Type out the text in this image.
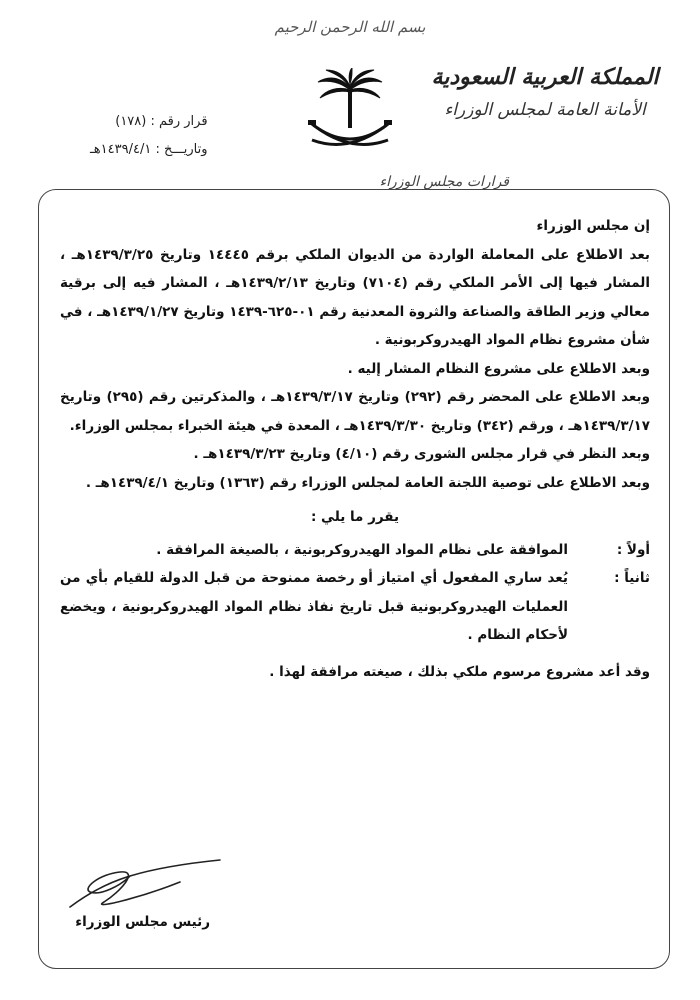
بسم الله الرحمن الرحيم
المملكة العربية السعودية
الأمانة العامة لمجلس الوزراء
قرار رقم : (١٧٨)
وتاريـــخ : ١٤٣٩/٤/١هـ
قرارات مجلس الوزراء

إن مجلس الوزراء

بعد الاطلاع على المعاملة الواردة من الديوان الملكي برقم ١٤٤٤٥ وتاريخ ١٤٣٩/٣/٢٥هـ ، المشار فيها إلى الأمر الملكي رقم (٧١٠٤) وتاريخ ١٤٣٩/٢/١٣هـ ، المشار فيه إلى برقية معالي وزير الطاقة والصناعة والثروة المعدنية رقم ٠١-٦٢٥-١٤٣٩ وتاريخ ١٤٣٩/١/٢٧هـ ، في شأن مشروع نظام المواد الهيدروكربونية .

وبعد الاطلاع على مشروع النظام المشار إليه .

وبعد الاطلاع على المحضر رقم (٢٩٢) وتاريخ ١٤٣٩/٣/١٧هـ ، والمذكرتين رقم (٢٩٥) وتاريخ ١٤٣٩/٣/١٧هـ ، ورقم (٣٤٢) وتاريخ ١٤٣٩/٣/٣٠هـ ، المعدة في هيئة الخبراء بمجلس الوزراء.

وبعد النظر في قرار مجلس الشورى رقم (٤/١٠) وتاريخ ١٤٣٩/٣/٢٣هـ .

وبعد الاطلاع على توصية اللجنة العامة لمجلس الوزراء رقم (١٣٦٣) وتاريخ ١٤٣٩/٤/١هـ .

يقرر ما يلي :

أولاً :
الموافقة على نظام المواد الهيدروكربونية ، بالصيغة المرافقة .
ثانياً :
يُعد ساري المفعول أي امتياز أو رخصة ممنوحة من قبل الدولة للقيام بأي من العمليات الهيدروكربونية قبل تاريخ نفاذ نظام المواد الهيدروكربونية ، ويخضع لأحكام النظام .

وقد أعد مشروع مرسوم ملكي بذلك ، صيغته مرافقة لهذا .

رئيس مجلس الوزراء
